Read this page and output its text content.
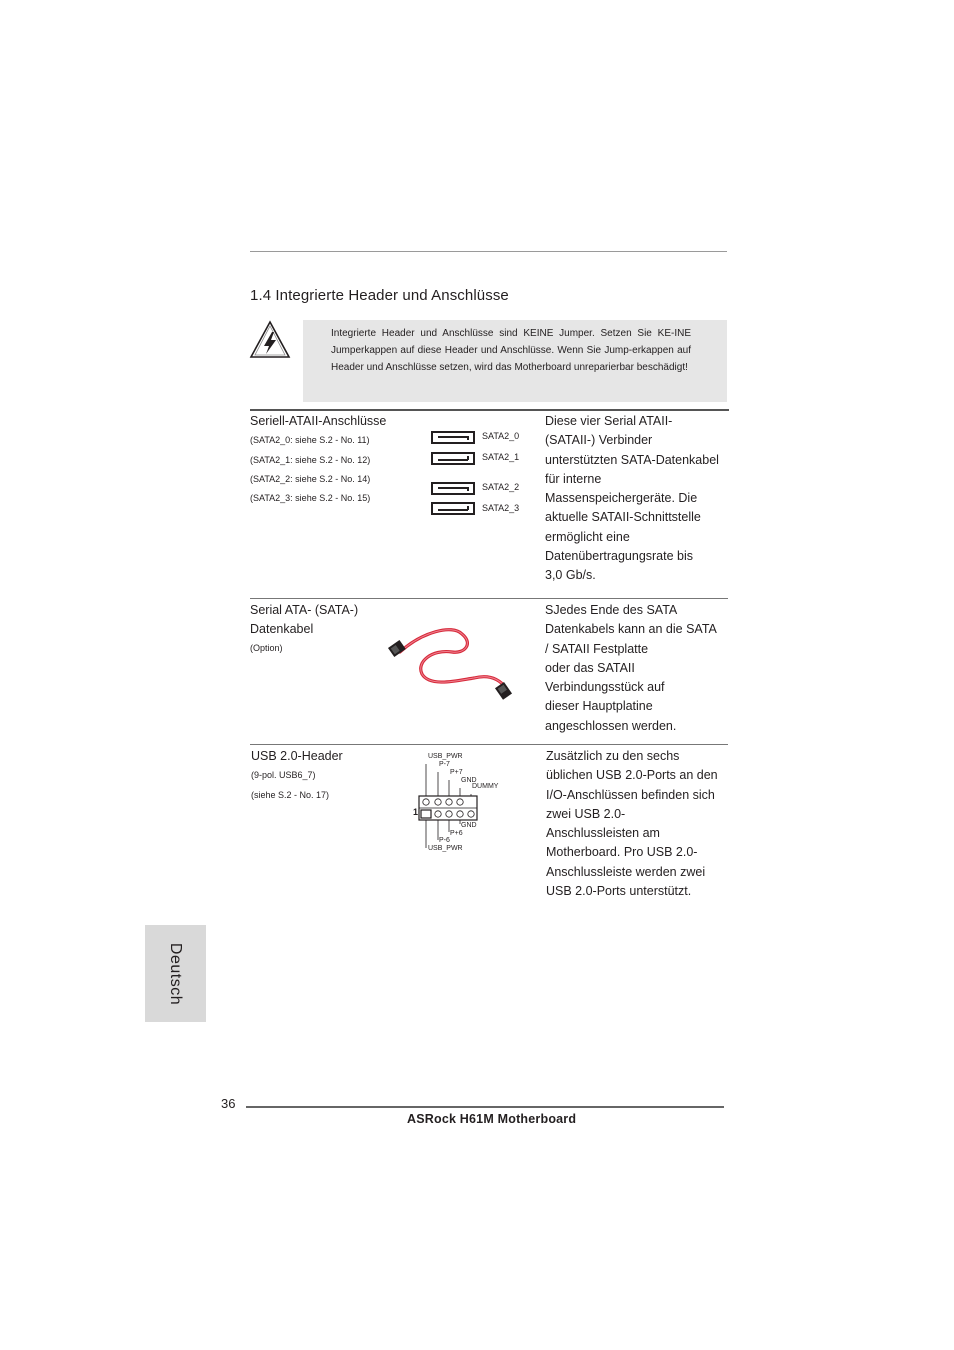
1.4 Integrierte Header und Anschlüsse
Integrierte Header und Anschlüsse sind KEINE Jumper. Setzen Sie KE-INE Jumperkappen auf diese Header und Anschlüsse. Wenn Sie Jump-erkappen auf Header und Anschlüsse setzen, wird das Motherboard unreparierbar beschädigt!
Seriell-ATAII-Anschlüsse
(SATA2_0: siehe S.2 - No. 11)
(SATA2_1: siehe S.2 - No. 12)
(SATA2_2: siehe S.2 - No. 14)
(SATA2_3: siehe S.2 - No. 15)
SATA2_0
SATA2_1
SATA2_2
SATA2_3
Diese vier Serial ATAII-
(SATAII-) Verbinder
unterstützten SATA-Datenkabel
für interne
Massenspeichergeräte. Die
aktuelle SATAII-Schnittstelle
ermöglicht eine
Datenübertragungsrate bis
3,0 Gb/s.
Serial ATA- (SATA-)
Datenkabel
(Option)
SJedes Ende des SATA
Datenkabels kann an die SATA
/ SATAII Festplatte
oder das SATAII
Verbindungsstück auf
dieser Hauptplatine
angeschlossen werden.
USB 2.0-Header
(9-pol. USB6_7)
(siehe S.2 - No. 17)
USB_PWR
P-7
P+7
GND
DUMMY
1
GND
P+6
P-6
USB_PWR
Zusätzlich zu den sechs
üblichen USB 2.0-Ports an den
I/O-Anschlüssen befinden sich
zwei USB 2.0-
Anschlussleisten am
Motherboard. Pro USB 2.0-
Anschlussleiste werden zwei
USB 2.0-Ports unterstützt.
Deutsch
36
ASRock H61M Motherboard
